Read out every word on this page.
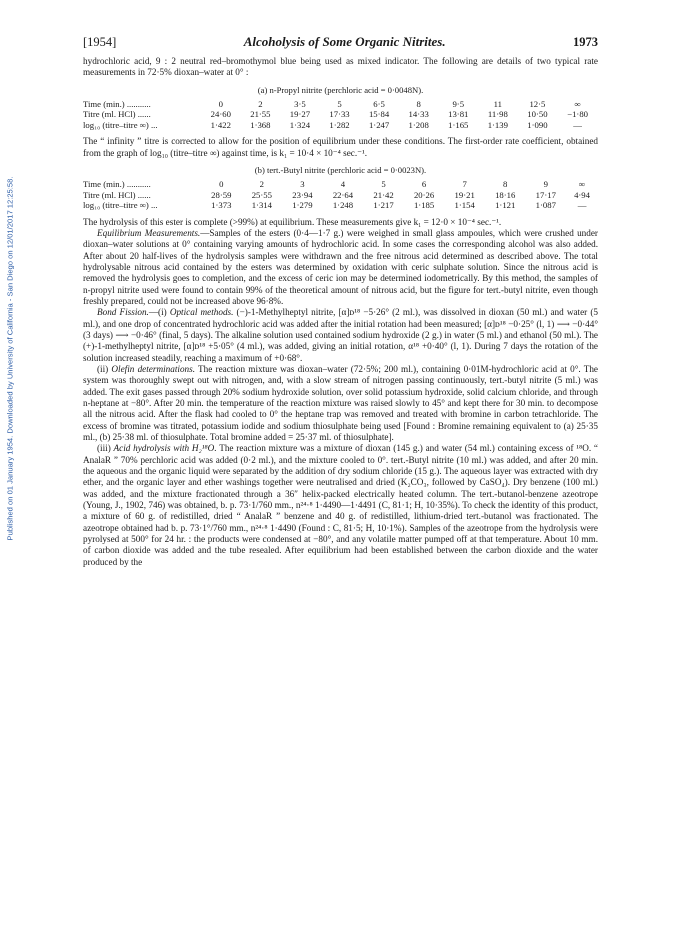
Published on 01 January 1954. Downloaded by University of California - San Diego on 12/01/2017 12:25:58.
[1954]	Alcoholysis of Some Organic Nitrites.	1973

hydrochloric acid, 9 : 2 neutral red–bromothymol blue being used as mixed indicator. The following are details of two typical rate measurements in 72·5% dioxan–water at 0° :

(a) n-Propyl nitrite (perchloric acid = 0·0048N).
Time (min.) ...........	0	2	3·5	5	6·5	8	9·5	11	12·5	∞
Titre (ml. HCl) ......	24·60	21·55	19·27	17·33	15·84	14·33	13·81	11·98	10·50	−1·80
log₁₀ (titre–titre ∞) ...	1·422	1·368	1·324	1·282	1·247	1·208	1·165	1·139	1·090	—

The “ infinity ” titre is corrected to allow for the position of equilibrium under these conditions. The first-order rate coefficient, obtained from the graph of log₁₀ (titre–titre ∞) against time, is k₁ = 10·4 × 10⁻⁴ sec.⁻¹.

(b) tert.-Butyl nitrite (perchloric acid = 0·0023N).
Time (min.) ...........	0	2	3	4	5	6	7	8	9	∞
Titre (ml. HCl) ......	28·59	25·55	23·94	22·64	21·42	20·26	19·21	18·16	17·17	4·94
log₁₀ (titre–titre ∞) ...	1·373	1·314	1·279	1·248	1·217	1·185	1·154	1·121	1·087	—

The hydrolysis of this ester is complete (>99%) at equilibrium. These measurements give k₁ = 12·0 × 10⁻⁴ sec.⁻¹.

Equilibrium Measurements.—Samples of the esters (0·4—1·7 g.) were weighed in small glass ampoules, which were crushed under dioxan–water solutions at 0° containing varying amounts of hydrochloric acid. In some cases the corresponding alcohol was also added. After about 20 half-lives of the hydrolysis samples were withdrawn and the free nitrous acid determined as described above. The total hydrolysable nitrous acid contained by the esters was determined by oxidation with ceric sulphate solution. Since the nitrous acid is removed the hydrolysis goes to completion, and the excess of ceric ion may be determined iodometrically. By this method, the samples of n-propyl nitrite used were found to contain 99% of the theoretical amount of nitrous acid, but the figure for tert.-butyl nitrite, even though freshly prepared, could not be increased above 96·8%.

Bond Fission.—(i) Optical methods. (−)-1-Methylheptyl nitrite, [α]ᴅ¹⁸ −5·26° (2 ml.), was dissolved in dioxan (50 ml.) and water (5 ml.), and one drop of concentrated hydrochloric acid was added after the initial rotation had been measured; [α]ᴅ¹⁸ −0·25° (l, 1) ⟶ −0·44° (3 days) ⟶ −0·46° (final, 5 days). The alkaline solution used contained sodium hydroxide (2 g.) in water (5 ml.) and ethanol (50 ml.). The (+)-1-methylheptyl nitrite, [α]ᴅ¹⁸ +5·05° (4 ml.), was added, giving an initial rotation, α¹⁸ +0·40° (l, 1). During 7 days the rotation of the solution increased steadily, reaching a maximum of +0·68°.

(ii) Olefin determinations. The reaction mixture was dioxan–water (72·5%; 200 ml.), containing 0·01M-hydrochloric acid at 0°. The system was thoroughly swept out with nitrogen, and, with a slow stream of nitrogen passing continuously, tert.-butyl nitrite (5 ml.) was added. The exit gases passed through 20% sodium hydroxide solution, over solid potassium hydroxide, solid calcium chloride, and through n-heptane at −80°. After 20 min. the temperature of the reaction mixture was raised slowly to 45° and kept there for 30 min. to decompose all the nitrous acid. After the flask had cooled to 0° the heptane trap was removed and treated with bromine in carbon tetrachloride. The excess of bromine was titrated, potassium iodide and sodium thiosulphate being used [Found : Bromine remaining equivalent to (a) 25·35 ml., (b) 25·38 ml. of thiosulphate. Total bromine added = 25·37 ml. of thiosulphate].

(iii) Acid hydrolysis with H₂¹⁸O. The reaction mixture was a mixture of dioxan (145 g.) and water (54 ml.) containing excess of ¹⁸O. “ AnalaR ” 70% perchloric acid was added (0·2 ml.), and the mixture cooled to 0°. tert.-Butyl nitrite (10 ml.) was added, and after 20 min. the aqueous and the organic liquid were separated by the addition of dry sodium chloride (15 g.). The aqueous layer was extracted with dry ether, and the organic layer and ether washings together were neutralised and dried (K₂CO₃, followed by CaSO₄). Dry benzene (100 ml.) was added, and the mixture fractionated through a 36″ helix-packed electrically heated column. The tert.-butanol-benzene azeotrope (Young, J., 1902, 746) was obtained, b. p. 73·1/760 mm., n²⁴·⁸ 1·4490—1·4491 (C, 81·1; H, 10·35%). To check the identity of this product, a mixture of 60 g. of redistilled, dried “ AnalaR ” benzene and 40 g. of redistilled, lithium-dried tert.-butanol was fractionated. The azeotrope obtained had b. p. 73·1°/760 mm., n²⁴·⁸ 1·4490 (Found : C, 81·5; H, 10·1%). Samples of the azeotrope from the hydrolysis were pyrolysed at 500° for 24 hr. : the products were condensed at −80°, and any volatile matter pumped off at that temperature. About 10 mm. of carbon dioxide was added and the tube resealed. After equilibrium had been established between the carbon dioxide and the water produced by the
